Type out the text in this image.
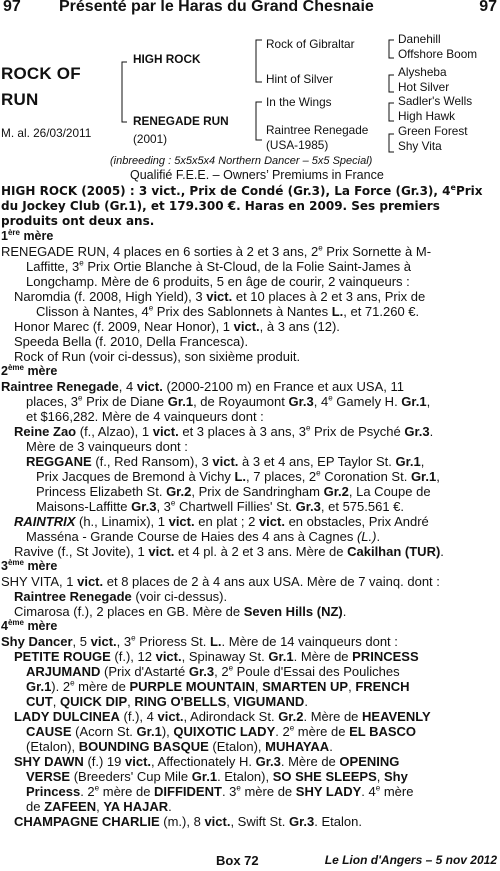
97 Présenté par le Haras du Grand Chesnaie	97
ROCK OF
RUN
M. al. 26/03/2011
HIGH ROCK
RENEGADE RUN
(2001)
Rock of Gibraltar
Hint of Silver
In the Wings
Raintree Renegade
(USA-1985)
Danehill
Offshore Boom
Alysheba
Hot Silver
Sadler's Wells
High Hawk
Green Forest
Shy Vita
(inbreeding : 5x5x5x4 Northern Dancer – 5x5 Special)
Qualifié F.E.E. – Owners’ Premiums in France

HIGH ROCK (2005) : 3 vict., Prix de Condé (Gr.3), La Force (Gr.3), 4ePrix

du Jockey Club (Gr.1), et 179.300 €. Haras en 2009. Ses premiers

produits ont deux ans.

1ère mère

RENEGADE RUN, 4 places en 6 sorties à 2 et 3 ans, 2e Prix Sornette à M-

Laffitte, 3e Prix Ortie Blanche à St-Cloud, de la Folie Saint-James à

Longchamp. Mère de 6 produits, 5 en âge de courir, 2 vainqueurs :

Naromdia (f. 2008, High Yield), 3 vict. et 10 places à 2 et 3 ans, Prix de

Clisson à Nantes, 4e Prix des Sablonnets à Nantes L., et 71.260 €.

Honor Marec (f. 2009, Near Honor), 1 vict., à 3 ans (12).

Speeda Bella (f. 2010, Della Francesca).

Rock of Run (voir ci-dessus), son sixième produit.

2ème mère

Raintree Renegade, 4 vict. (2000-2100 m) en France et aux USA, 11

places, 3e Prix de Diane Gr.1, de Royaumont Gr.3, 4e Gamely H. Gr.1,

et $166,282. Mère de 4 vainqueurs dont :

Reine Zao (f., Alzao), 1 vict. et 3 places à 3 ans, 3e Prix de Psyché Gr.3.

Mère de 3 vainqueurs dont :

REGGANE (f., Red Ransom), 3 vict. à 3 et 4 ans, EP Taylor St. Gr.1,

Prix Jacques de Bremond à Vichy L., 7 places, 2e Coronation St. Gr.1,

Princess Elizabeth St. Gr.2, Prix de Sandringham Gr.2, La Coupe de

Maisons-Laffitte Gr.3, 3e Chartwell Fillies' St. Gr.3, et 575.561 €.

RAINTRIX (h., Linamix), 1 vict. en plat ; 2 vict. en obstacles, Prix André

Masséna - Grande Course de Haies des 4 ans à Cagnes (L.).

Ravive (f., St Jovite), 1 vict. et 4 pl. à 2 et 3 ans. Mère de Cakilhan (TUR).

3ème mère

SHY VITA, 1 vict. et 8 places de 2 à 4 ans aux USA. Mère de 7 vainq. dont :

Raintree Renegade (voir ci-dessus).

Cimarosa (f.), 2 places en GB. Mère de Seven Hills (NZ).

4ème mère

Shy Dancer, 5 vict., 3e Prioress St. L.. Mère de 14 vainqueurs dont :

PETITE ROUGE (f.), 12 vict., Spinaway St. Gr.1. Mère de PRINCESS

ARJUMAND (Prix d'Astarté Gr.3, 2e Poule d'Essai des Pouliches

Gr.1). 2e mère de PURPLE MOUNTAIN, SMARTEN UP, FRENCH

CUT, QUICK DIP, RING O'BELLS, VIGUMAND.

LADY DULCINEA (f.), 4 vict., Adirondack St. Gr.2. Mère de HEAVENLY

CAUSE (Acorn St. Gr.1), QUIXOTIC LADY. 2e mère de EL BASCO

(Etalon), BOUNDING BASQUE (Etalon), MUHAYAA.

SHY DAWN (f.) 19 vict., Affectionately H. Gr.3. Mère de OPENING

VERSE (Breeders' Cup Mile Gr.1. Etalon), SO SHE SLEEPS, Shy

Princess. 2e mère de DIFFIDENT. 3e mère de SHY LADY. 4e mère

de ZAFEEN, YA HAJAR.

CHAMPAGNE CHARLIE (m.), 8 vict., Swift St. Gr.3. Etalon.

Box 72	Le Lion d'Angers – 5 nov 2012
